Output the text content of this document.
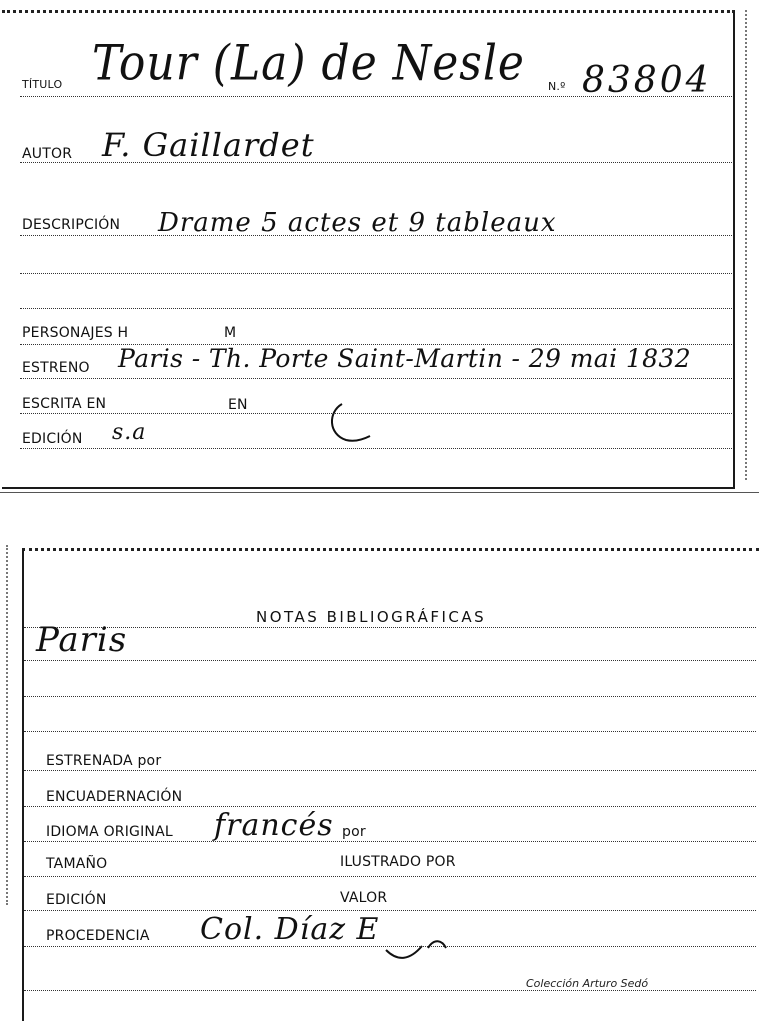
TÍTULO Tour (La) de Nesle N.º 83804
AUTOR F. Gaillardet
DESCRIPCIÓN Drame 5 actes et 9 tableaux
PERSONAJES H	M
ESTRENO Paris - Th. Porte Saint-Martin - 29 mai 1832
ESCRITA EN	EN
EDICIÓN s.a
NOTAS BIBLIOGRÁFICAS
Paris
ESTRENADA por
ENCUADERNACIÓN
IDIOMA ORIGINAL francés por
TAMAÑO	ILUSTRADO POR
EDICIÓN	VALOR
PROCEDENCIA Col. Díaz E
Colección Arturo Sedó
